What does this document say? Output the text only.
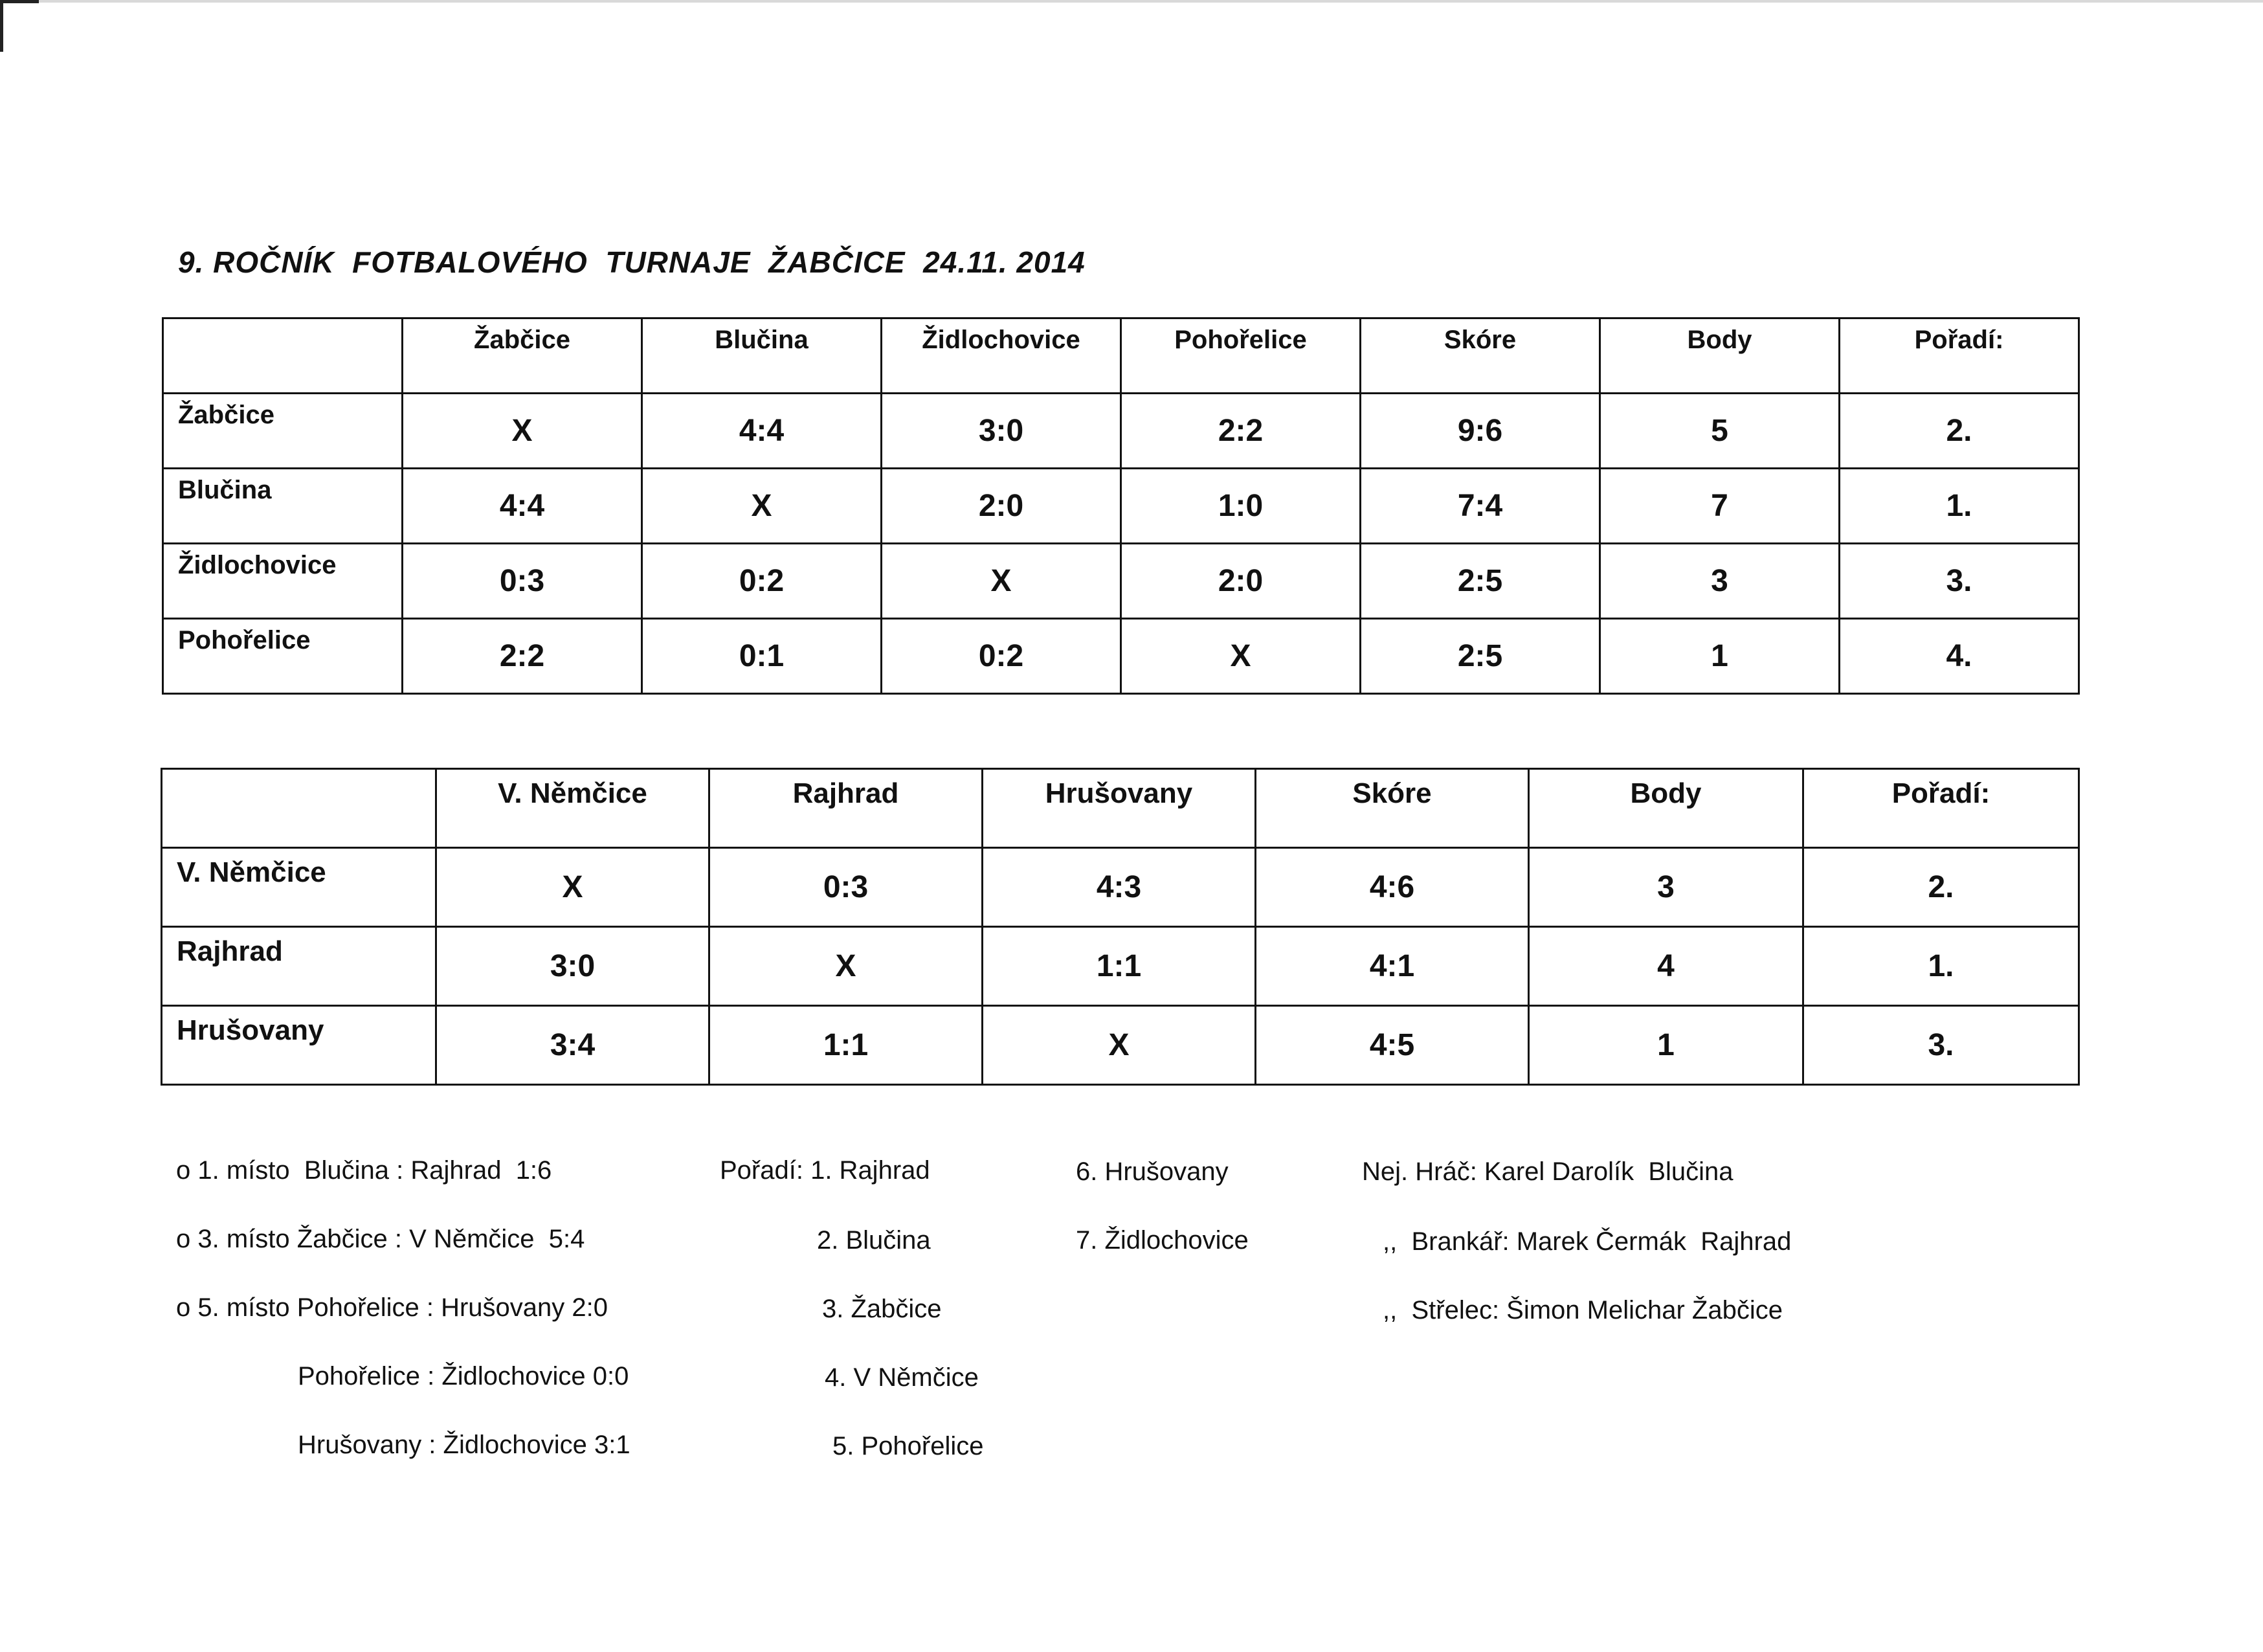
9. ROČNÍK  FOTBALOVÉHO  TURNAJE  ŽABČICE  24.11. 2014
	Žabčice	Blučina	Židlochovice	Pohořelice	Skóre	Body	Pořadí:
Žabčice	X	4:4	3:0	2:2	9:6	5	2.
Blučina	4:4	X	2:0	1:0	7:4	7	1.
Židlochovice	0:3	0:2	X	2:0	2:5	3	3.
Pohořelice	2:2	0:1	0:2	X	2:5	1	4.
	V. Němčice	Rajhrad	Hrušovany	Skóre	Body	Pořadí:
V. Němčice	X	0:3	4:3	4:6	3	2.
Rajhrad	3:0	X	1:1	4:1	4	1.
Hrušovany	3:4	1:1	X	4:5	1	3.
o 1. místo  Blučina : Rajhrad  1:6
o 3. místo Žabčice : V Němčice  5:4
o 5. místo Pohořelice : Hrušovany 2:0
Pohořelice : Židlochovice 0:0
Hrušovany : Židlochovice 3:1
Pořadí: 1. Rajhrad
2. Blučina
3. Žabčice
4. V Němčice
5. Pohořelice
6. Hrušovany
7. Židlochovice
Nej. Hráč: Karel Darolík  Blučina
,,  Brankář: Marek Čermák  Rajhrad
,,  Střelec: Šimon Melichar Žabčice
